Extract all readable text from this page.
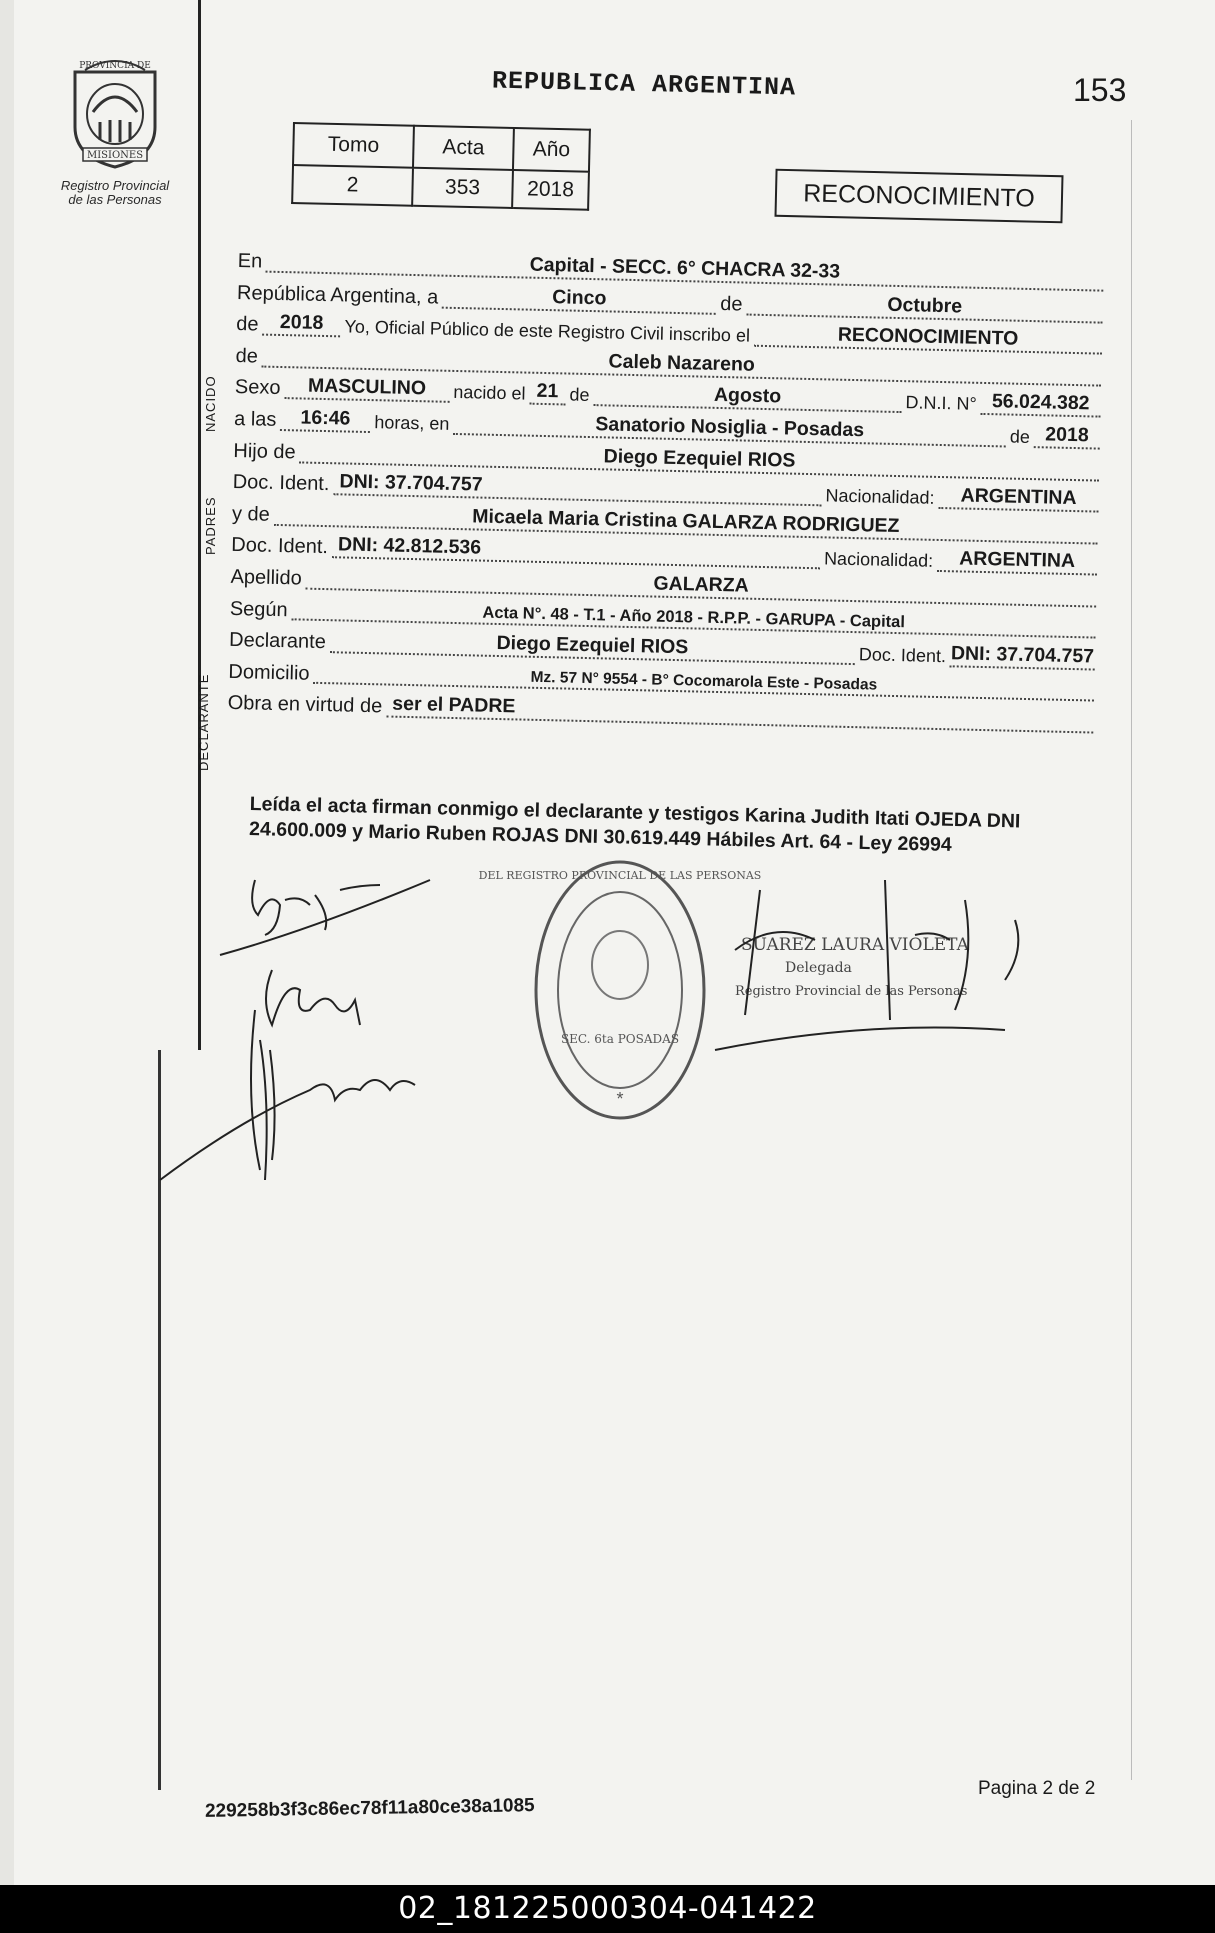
PROVINCIA DE
MISIONES
Registro Provincial de las Personas
REPUBLICA ARGENTINA	153
Tomo	Acta	Año
2	353	2018	RECONOCIMIENTO
NACIDO
PADRES
DECLARANTE
En	Capital - SECC. 6° CHACRA 32-33
República Argentina, a	Cinco	de	Octubre
de	2018	Yo, Oficial Público de este Registro Civil inscribo el	RECONOCIMIENTO
de	Caleb Nazareno
Sexo	MASCULINO	nacido el 21 de	Agosto	D.N.I. N° 56.024.382
a las	16:46	horas, en	Sanatorio Nosiglia - Posadas	de 2018
Hijo de	Diego Ezequiel RIOS
Doc. Ident. DNI: 37.704.757
Nacionalidad:	ARGENTINA
y de	Micaela Maria Cristina GALARZA RODRIGUEZ
Doc. Ident. DNI: 42.812.536
Nacionalidad:	ARGENTINA
Apellido	GALARZA
Según	Acta N°. 48 - T.1 - Año 2018 - R.P.P. - GARUPA - Capital
Declarante	Diego Ezequiel RIOS	Doc. Ident. DNI: 37.704.757
Domicilio	Mz. 57 N° 9554 - B° Cocomarola Este - Posadas
Obra en virtud de ser el PADRE
Leída el acta firman conmigo el declarante y testigos Karina Judith Itati OJEDA DNI 24.600.009 y Mario Ruben ROJAS DNI 30.619.449 Hábiles Art. 64 - Ley 26994
DEL REGISTRO PROVINCIAL DE LAS PERSONAS
SEC. 6ta POSADAS
*
SUAREZ LAURA VIOLETA
Delegada
Registro Provincial de las Personas
229258b3f3c86ec78f11a80ce38a1085
Pagina 2 de 2
02_181225000304-041422
